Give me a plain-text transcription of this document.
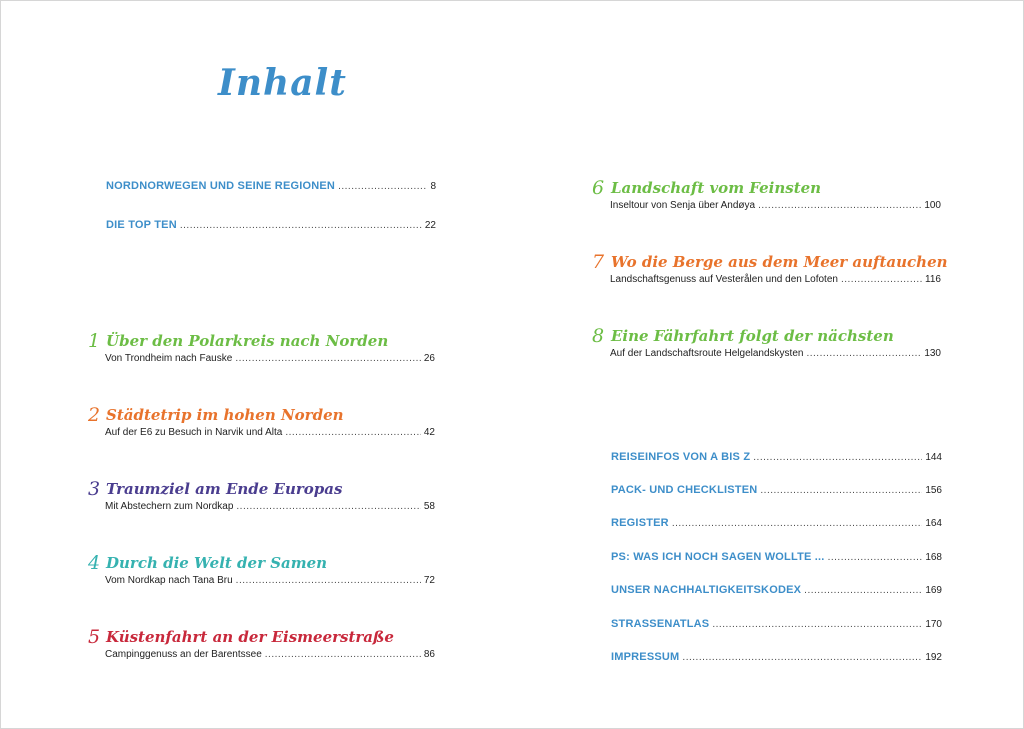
Inhalt
NORDNORWEGEN UND SEINE REGIONEN .....	8
DIE TOP TEN .....	22
1 Über den Polarkreis nach Norden
Von Trondheim nach Fauske .....	26
2 Städtetrip im hohen Norden
Auf der E6 zu Besuch in Narvik und Alta .....	42
3 Traumziel am Ende Europas
Mit Abstechern zum Nordkap .....	58
4 Durch die Welt der Samen
Vom Nordkap nach Tana Bru .....	72
5 Küstenfahrt an der Eismeerstraße
Campinggenuss an der Barentssee .....	86
6 Landschaft vom Feinsten
Inseltour von Senja über Andøya .....	100
7 Wo die Berge aus dem Meer auftauchen
Landschaftsgenuss auf Vesterålen und den Lofoten .....	116
8 Eine Fährfahrt folgt der nächsten
Auf der Landschaftsroute Helgelandskysten .....	130
REISEINFOS VON A BIS Z .....	144
PACK- UND CHECKLISTEN .....	156
REGISTER .....	164
PS: WAS ICH NOCH SAGEN WOLLTE ... .....	168
UNSER NACHHALTIGKEITSKODEX .....	169
STRASSENATLAS .....	170
IMPRESSUM .....	192
